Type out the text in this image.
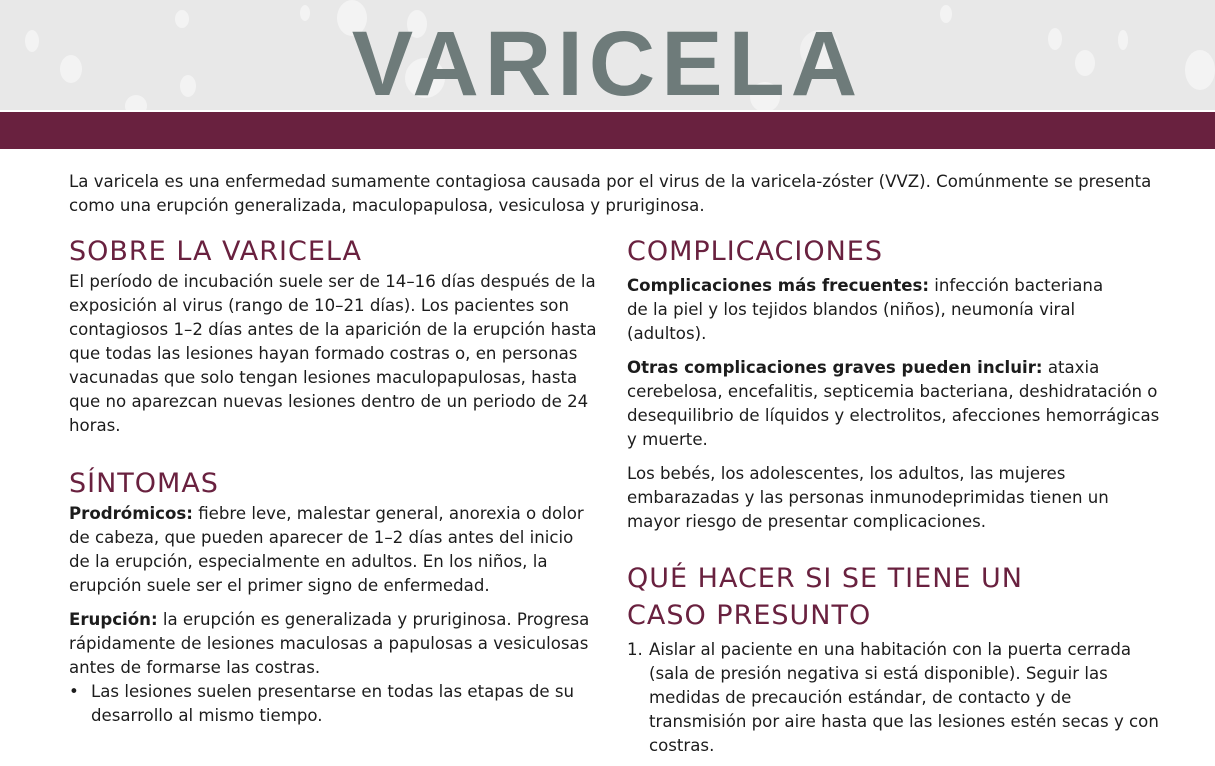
VARICELA

La varicela es una enfermedad sumamente contagiosa causada por el virus de la varicela-zóster (VVZ). Comúnmente se presenta como una erupción generalizada, maculopapulosa, vesiculosa y pruriginosa.

SOBRE LA VARICELA

El período de incubación suele ser de 14–16 días después de la exposición al virus (rango de 10–21 días). Los pacientes son contagiosos 1–2 días antes de la aparición de la erupción hasta que todas las lesiones hayan formado costras o, en personas vacunadas que solo tengan lesiones maculopapulosas, hasta que no aparezcan nuevas lesiones dentro de un periodo de 24 horas.

SÍNTOMAS

Prodrómicos: fiebre leve, malestar general, anorexia o dolor de cabeza, que pueden aparecer de 1–2 días antes del inicio de la erupción, especialmente en adultos. En los niños, la erupción suele ser el primer signo de enfermedad.

Erupción: la erupción es generalizada y pruriginosa. Progresa rápidamente de lesiones maculosas a papulosas a vesiculosas antes de formarse las costras.

• Las lesiones suelen presentarse en todas las etapas de su desarrollo al mismo tiempo.
COMPLICACIONES

Complicaciones más frecuentes: infección bacteriana de la piel y los tejidos blandos (niños), neumonía viral (adultos).

Otras complicaciones graves pueden incluir: ataxia cerebelosa, encefalitis, septicemia bacteriana, deshidratación o desequilibrio de líquidos y electrolitos, afecciones hemorrágicas y muerte.

Los bebés, los adolescentes, los adultos, las mujeres embarazadas y las personas inmunodeprimidas tienen un mayor riesgo de presentar complicaciones.

QUÉ HACER SI SE TIENE UN CASO PRESUNTO
1. Aislar al paciente en una habitación con la puerta cerrada (sala de presión negativa si está disponible). Seguir las medidas de precaución estándar, de contacto y de transmisión por aire hasta que las lesiones estén secas y con costras.
